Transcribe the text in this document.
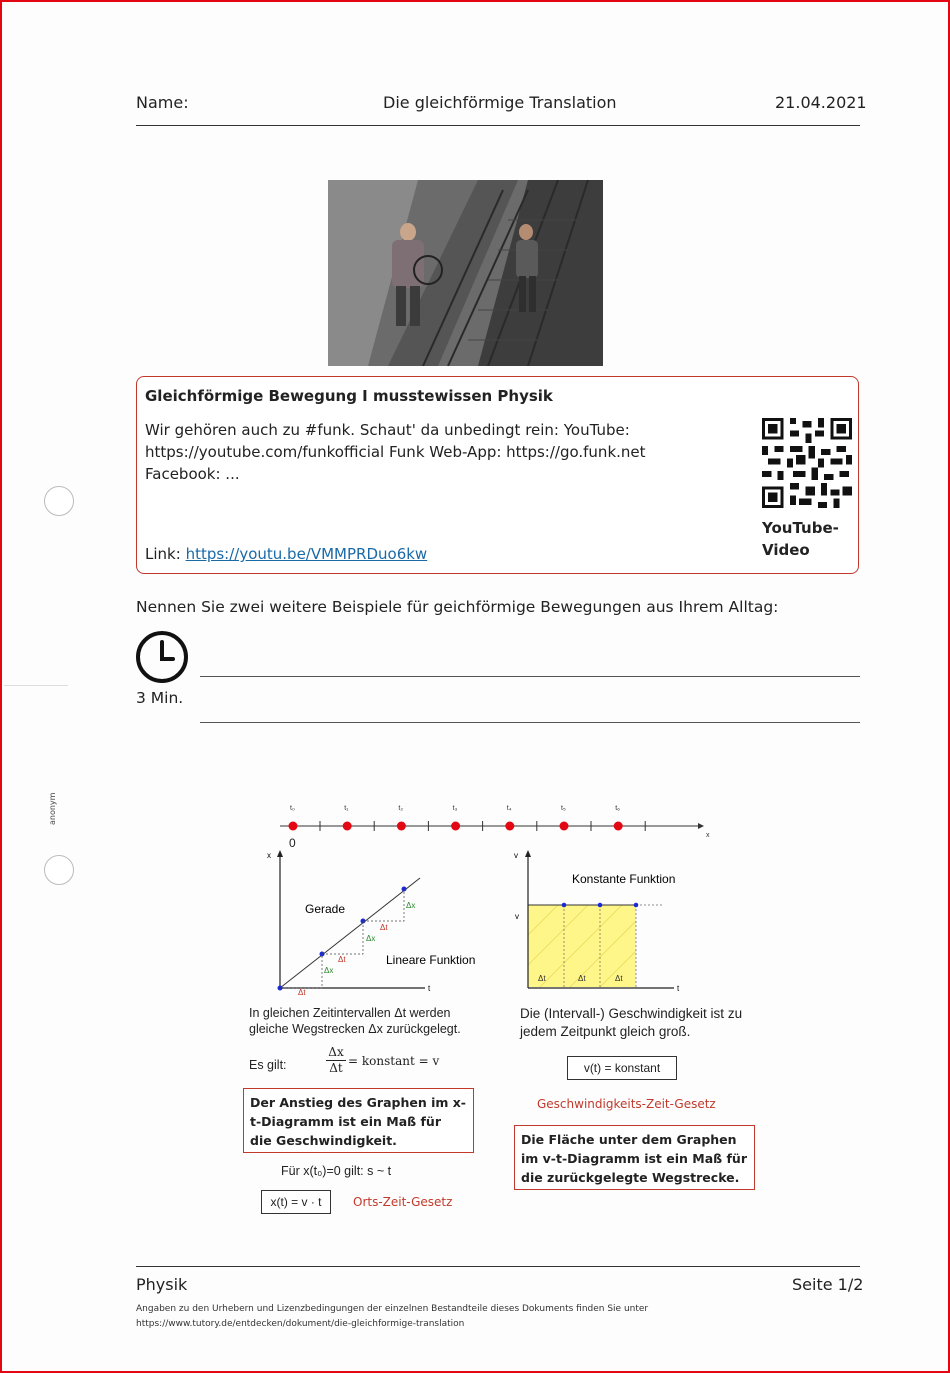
Name:	Die gleichförmige Translation	21.04.2021
anonym
Gleichförmige Bewegung I musstewissen Physik
Wir gehören auch zu #funk. Schaut' da unbedingt rein: YouTube: https://youtube.com/funkofficial Funk Web-App: https://go.funk.net Facebook: ...
Link: https://youtu.be/VMMPRDuo6kw
YouTube-Video
Nennen Sie zwei weitere Beispiele für geichförmige Bewegungen aus Ihrem Alltag:
3 Min.
x
t₀	t₁	t₂	t₃	t₄	t₅	t₆
0
x
t
Δt
Δx
Δt
Δx
Δt
Δx
Gerade
Lineare Funktion
v
v
t
Δt	Δt	Δt
Konstante Funktion
In gleichen Zeitintervallen Δt werden gleiche Wegstrecken Δx zurückgelegt.
Es gilt:
Δx
Δt = konstant = v
Die (Intervall-) Geschwindigkeit ist zu jedem Zeitpunkt gleich groß.
v(t) = konstant
Geschwindigkeits-Zeit-Gesetz
Der Anstieg des Graphen im x-t-Diagramm ist ein Maß für die Geschwindigkeit.	Die Fläche unter dem Graphen im v-t-Diagramm ist ein Maß für die zurückgelegte Wegstrecke.
Für x(t₀)=0 gilt: s ~ t
x(t) = v · t	Orts-Zeit-Gesetz
Physik	Seite 1/2
Angaben zu den Urhebern und Lizenzbedingungen der einzelnen Bestandteile dieses Dokuments finden Sie unter
https://www.tutory.de/entdecken/dokument/die-gleichformige-translation
